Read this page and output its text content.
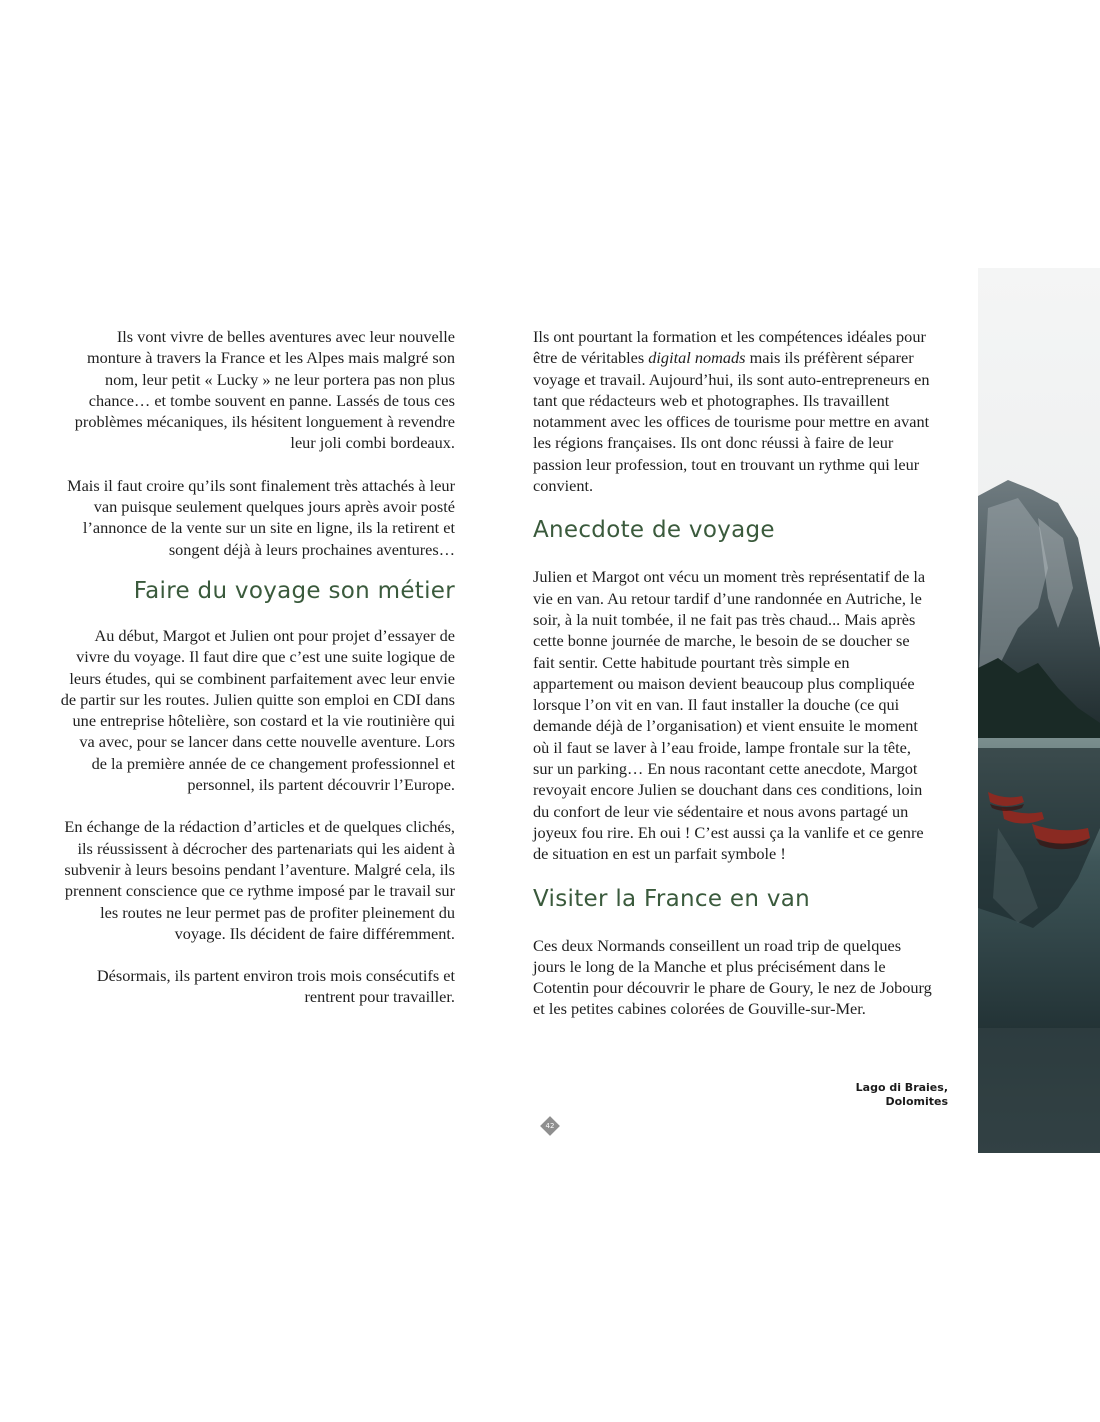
Ils vont vivre de belles aventures avec leur nouvelle monture à travers la France et les Alpes mais malgré son nom, leur petit « Lucky » ne leur portera pas non plus chance… et tombe souvent en panne. Lassés de tous ces problèmes mécaniques, ils hésitent longuement à revendre leur joli combi bordeaux.

Mais il faut croire qu’ils sont finalement très attachés à leur van puisque seulement quelques jours après avoir posté l’annonce de la vente sur un site en ligne, ils la retirent et songent déjà à leurs prochaines aventures…

Faire du voyage son métier

Au début, Margot et Julien ont pour projet d’essayer de vivre du voyage. Il faut dire que c’est une suite logique de leurs études, qui se combinent parfaitement avec leur envie de partir sur les routes. Julien quitte son emploi en CDI dans une entreprise hôtelière, son costard et la vie routinière qui va avec, pour se lancer dans cette nouvelle aventure. Lors de la première année de ce changement professionnel et personnel, ils partent découvrir l’Europe.

En échange de la rédaction d’articles et de quelques clichés, ils réussissent à décrocher des partenariats qui les aident à subvenir à leurs besoins pendant l’aventure. Malgré cela, ils prennent conscience que ce rythme imposé par le travail sur les routes ne leur permet pas de profiter pleinement du voyage. Ils décident de faire différemment.

Désormais, ils partent environ trois mois consécutifs et rentrent pour travailler.

Ils ont pourtant la formation et les compétences idéales pour être de véritables digital nomads mais ils préfèrent séparer voyage et travail. Aujourd’hui, ils sont auto-entrepreneurs en tant que rédacteurs web et photographes. Ils travaillent notamment avec les offices de tourisme pour mettre en avant les régions françaises. Ils ont donc réussi à faire de leur passion leur profession, tout en trouvant un rythme qui leur convient.

Anecdote de voyage

Julien et Margot ont vécu un moment très représentatif de la vie en van. Au retour tardif d’une randonnée en Autriche, le soir, à la nuit tombée, il ne fait pas très chaud... Mais après cette bonne journée de marche, le besoin de se doucher se fait sentir. Cette habitude pourtant très simple en appartement ou maison devient beaucoup plus compliquée lorsque l’on vit en van. Il faut installer la douche (ce qui demande déjà de l’organisation) et vient ensuite le moment où il faut se laver à l’eau froide, lampe frontale sur la tête, sur un parking… En nous racontant cette anecdote, Margot revoyait encore Julien se douchant dans ces conditions, loin du confort de leur vie sédentaire et nous avons partagé un joyeux fou rire. Eh oui ! C’est aussi ça la vanlife et ce genre de situation en est un parfait symbole !

Visiter la France en van

Ces deux Normands conseillent un road trip de quelques jours le long de la Manche et plus précisément dans le Cotentin pour découvrir le phare de Goury, le nez de Jobourg et les petites cabines colorées de Gouville-sur-Mer.

Lago di Braies,
Dolomites
42
